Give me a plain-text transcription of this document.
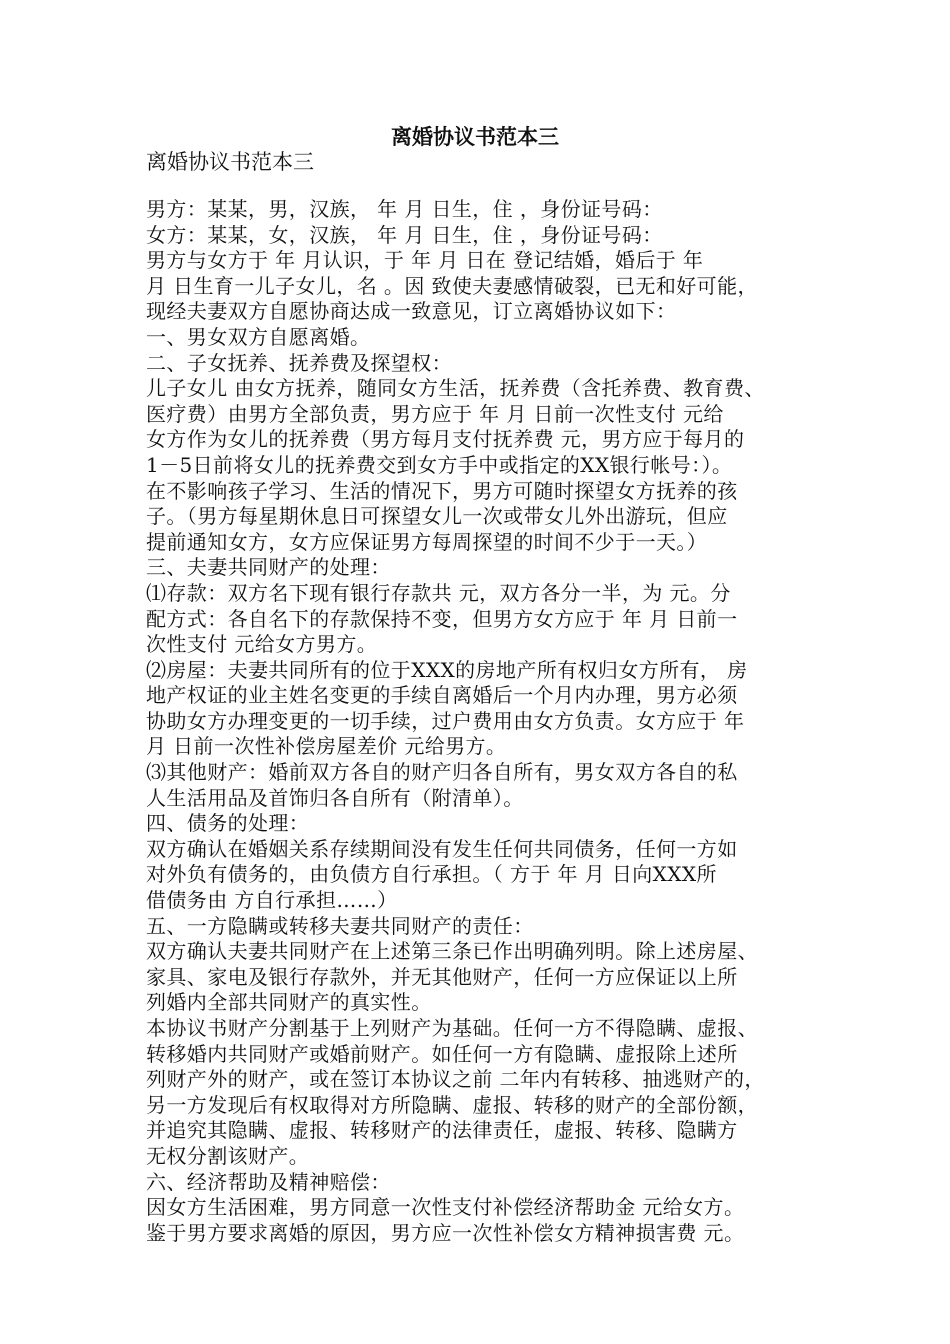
离婚协议书范本三
离婚协议书范本三
男方：某某，男，汉族， 年 月 日生，住 ，身份证号码：
女方：某某，女，汉族， 年 月 日生，住 ，身份证号码：
男方与女方于 年 月认识，于 年 月 日在 登记结婚，婚后于 年
月 日生育一儿子女儿，名 。因 致使夫妻感情破裂，已无和好可能，
现经夫妻双方自愿协商达成一致意见，订立离婚协议如下：
一、男女双方自愿离婚。
二、子女抚养、抚养费及探望权：
儿子女儿 由女方抚养，随同女方生活，抚养费（含托养费、教育费、
医疗费）由男方全部负责，男方应于 年 月 日前一次性支付 元给
女方作为女儿的抚养费（男方每月支付抚养费 元，男方应于每月的
1－5日前将女儿的抚养费交到女方手中或指定的XX银行帐号：）。
在不影响孩子学习、生活的情况下，男方可随时探望女方抚养的孩
子。（男方每星期休息日可探望女儿一次或带女儿外出游玩，但应
提前通知女方，女方应保证男方每周探望的时间不少于一天。）
三、夫妻共同财产的处理：
⑴存款：双方名下现有银行存款共 元，双方各分一半，为 元。分
配方式：各自名下的存款保持不变，但男方女方应于 年 月 日前一
次性支付 元给女方男方。
⑵房屋：夫妻共同所有的位于XXX的房地产所有权归女方所有， 房
地产权证的业主姓名变更的手续自离婚后一个月内办理，男方必须
协助女方办理变更的一切手续，过户费用由女方负责。女方应于 年
月 日前一次性补偿房屋差价 元给男方。
⑶其他财产：婚前双方各自的财产归各自所有，男女双方各自的私
人生活用品及首饰归各自所有（附清单）。
四、债务的处理：
双方确认在婚姻关系存续期间没有发生任何共同债务，任何一方如
对外负有债务的，由负债方自行承担。（ 方于 年 月 日向XXX所
借债务由 方自行承担……）
五、一方隐瞒或转移夫妻共同财产的责任：
双方确认夫妻共同财产在上述第三条已作出明确列明。除上述房屋、
家具、家电及银行存款外，并无其他财产，任何一方应保证以上所
列婚内全部共同财产的真实性。
本协议书财产分割基于上列财产为基础。任何一方不得隐瞒、虚报、
转移婚内共同财产或婚前财产。如任何一方有隐瞒、虚报除上述所
列财产外的财产，或在签订本协议之前 二年内有转移、抽逃财产的，
另一方发现后有权取得对方所隐瞒、虚报、转移的财产的全部份额，
并追究其隐瞒、虚报、转移财产的法律责任，虚报、转移、隐瞒方
无权分割该财产。
六、经济帮助及精神赔偿：
因女方生活困难，男方同意一次性支付补偿经济帮助金 元给女方。
鉴于男方要求离婚的原因，男方应一次性补偿女方精神损害费 元。
